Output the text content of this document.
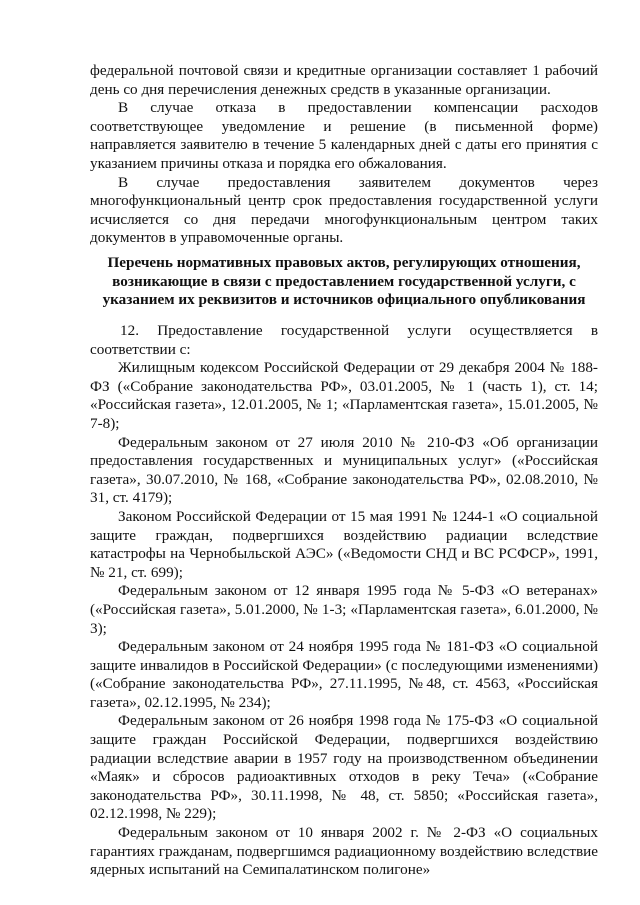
федеральной почтовой связи и кредитные организации составляет 1 рабочий день со дня перечисления денежных средств в указанные организации.

В случае отказа в предоставлении компенсации расходов соответствующее уведомление и решение (в письменной форме) направляется заявителю в течение 5 календарных дней с даты его принятия с указанием причины отказа и порядка его обжалования.

В случае предоставления заявителем документов через многофункциональный центр срок предоставления государственной услуги исчисляется со дня передачи многофункциональным центром таких документов в управомоченные органы.

Перечень нормативных правовых актов, регулирующих отношения, возникающие в связи с предоставлением государственной услуги, с указанием их реквизитов и источников официального опубликования

12. Предоставление государственной услуги осуществляется в соответствии с:

Жилищным кодексом Российской Федерации от 29 декабря 2004 № 188-ФЗ («Собрание законодательства РФ», 03.01.2005, № 1 (часть 1), ст. 14; «Российская газета», 12.01.2005, № 1; «Парламентская газета», 15.01.2005, № 7-8);

Федеральным законом от 27 июля 2010 № 210-ФЗ «Об организации предоставления государственных и муниципальных услуг» («Российская газета», 30.07.2010, № 168, «Собрание законодательства РФ», 02.08.2010, № 31, ст. 4179);

Законом Российской Федерации от 15 мая 1991 № 1244-1 «О социальной защите граждан, подвергшихся воздействию радиации вследствие катастрофы на Чернобыльской АЭС» («Ведомости СНД и ВС РСФСР», 1991, № 21, ст. 699);

Федеральным законом от 12 января 1995 года № 5-ФЗ «О ветеранах» («Российская газета», 5.01.2000, № 1-3; «Парламентская газета», 6.01.2000, № 3);

Федеральным законом от 24 ноября 1995 года № 181-ФЗ «О социальной защите инвалидов в Российской Федерации» (с последующими изменениями) («Собрание законодательства РФ», 27.11.1995, №48, ст. 4563, «Российская газета», 02.12.1995, № 234);

Федеральным законом от 26 ноября 1998 года № 175-ФЗ «О социальной защите граждан Российской Федерации, подвергшихся воздействию радиации вследствие аварии в 1957 году на производственном объединении «Маяк» и сбросов радиоактивных отходов в реку Теча» («Собрание законодательства РФ», 30.11.1998, № 48, ст. 5850; «Российская газета», 02.12.1998, № 229);

Федеральным законом от 10 января 2002 г. № 2-ФЗ «О социальных гарантиях гражданам, подвергшимся радиационному воздействию вследствие ядерных испытаний на Семипалатинском полигоне»
